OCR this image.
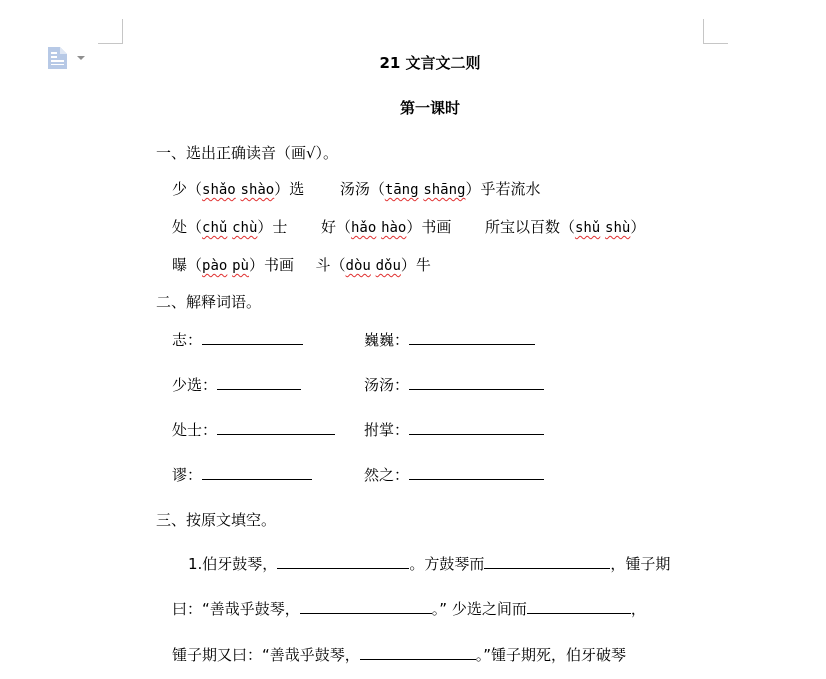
21 文言文二则
第一课时
一、选出正确读音（画√）。
少（shǎo shào）选 汤汤（tāng shāng）乎若流水
处（chǔ chù）士 好（hǎo hào）书画 所宝以百数（shǔ shù）
曝（pào pù）书画 斗（dòu dǒu）牛
二、解释词语。
志：	巍巍：
少选：	汤汤：
处士：	拊掌：
谬：	然之：
三、按原文填空。
1.伯牙鼓琴，	。方鼓琴而	，锺子期
曰：“善哉乎鼓琴，	。” 少选之间而	，
锺子期又曰：“善哉乎鼓琴，	。”锺子期死，伯牙破琴
